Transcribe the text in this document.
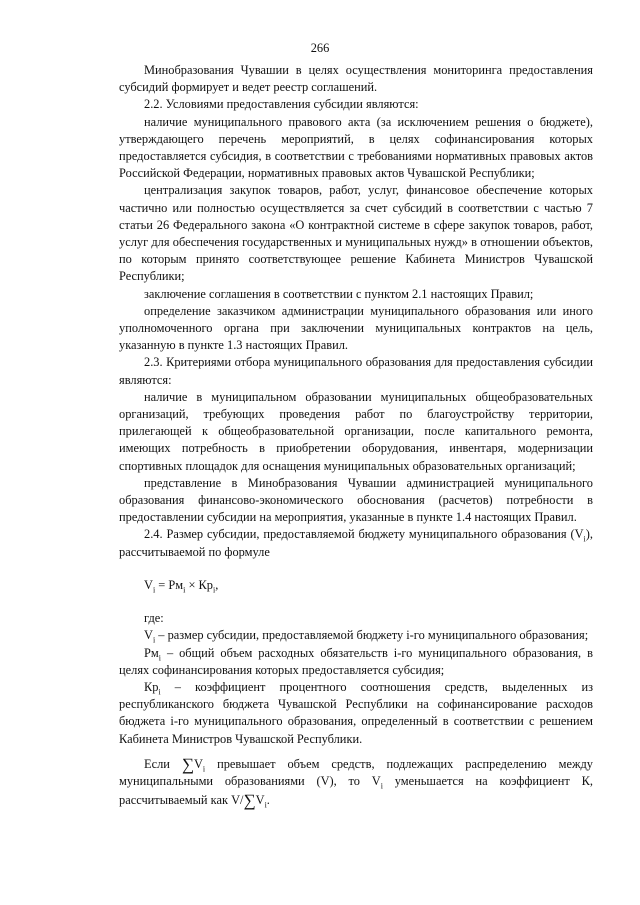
266

Минобразования Чувашии в целях осуществления мониторинга предоставления субсидий формирует и ведет реестр соглашений.

2.2. Условиями предоставления субсидии являются:

наличие муниципального правового акта (за исключением решения о бюджете), утверждающего перечень мероприятий, в целях софинансирования которых предоставляется субсидия, в соответствии с требованиями нормативных правовых актов Российской Федерации, нормативных правовых актов Чувашской Республики;

централизация закупок товаров, работ, услуг, финансовое обеспечение которых частично или полностью осуществляется за счет субсидий в соответствии с частью 7 статьи 26 Федерального закона «О контрактной системе в сфере закупок товаров, работ, услуг для обеспечения государственных и муниципальных нужд» в отношении объектов, по которым принято соответствующее решение Кабинета Министров Чувашской Республики;

заключение соглашения в соответствии с пунктом 2.1 настоящих Правил;

определение заказчиком администрации муниципального образования или иного уполномоченного органа при заключении муниципальных контрактов на цель, указанную в пункте 1.3 настоящих Правил.

2.3. Критериями отбора муниципального образования для предоставления субсидии являются:

наличие в муниципальном образовании муниципальных общеобразовательных организаций, требующих проведения работ по благоустройству территории, прилегающей к общеобразовательной организации, после капитального ремонта, имеющих потребность в приобретении оборудования, инвентаря, модернизации спортивных площадок для оснащения муниципальных образовательных организаций;

представление в Минобразования Чувашии администрацией муниципального образования финансово-экономического обоснования (расчетов) потребности в предоставлении субсидии на мероприятия, указанные в пункте 1.4 настоящих Правил.

2.4. Размер субсидии, предоставляемой бюджету муниципального образования $(V_i)$, рассчитываемой по формуле

$V_i = Рм_i \times Кр_i$,

где:

$V_i$ – размер субсидии, предоставляемой бюджету i-го муниципального образования;

$Рм_i$ – общий объем расходных обязательств i-го муниципального образования, в целях софинансирования которых предоставляется субсидия;

$Кр_i$ – коэффициент процентного соотношения средств, выделенных из республиканского бюджета Чувашской Республики на софинансирование расходов бюджета i-го муниципального образования, определенный в соответствии с решением Кабинета Министров Чувашской Республики.

Если $\sum V_i$ превышает объем средств, подлежащих распределению между муниципальными образованиями (V), то $V_i$ уменьшается на коэффициент К, рассчитываемый как $V/\sum V_i$.
